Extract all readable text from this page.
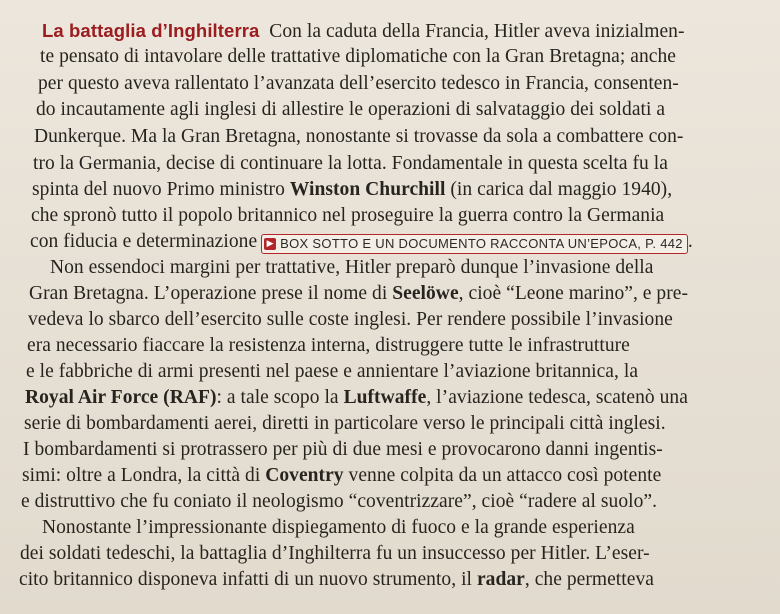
La battaglia d’Inghilterra  Con la caduta della Francia, Hitler aveva inizialmen-
te pensato di intavolare delle trattative diplomatiche con la Gran Bretagna; anche
per questo aveva rallentato l’avanzata dell’esercito tedesco in Francia, consenten-
do incautamente agli inglesi di allestire le operazioni di salvataggio dei soldati a
Dunkerque. Ma la Gran Bretagna, nonostante si trovasse da sola a combattere con-
tro la Germania, decise di continuare la lotta. Fondamentale in questa scelta fu la
spinta del nuovo Primo ministro Winston Churchill (in carica dal maggio 1940),
che spronò tutto il popolo britannico nel proseguire la guerra contro la Germania
con fiducia e determinazione ▶ BOX SOTTO E UN DOCUMENTO RACCONTA UN’EPOCA, P. 442 .
Non essendoci margini per trattative, Hitler preparò dunque l’invasione della
Gran Bretagna. L’operazione prese il nome di Seelöwe, cioè “Leone marino”, e pre-
vedeva lo sbarco dell’esercito sulle coste inglesi. Per rendere possibile l’invasione
era necessario fiaccare la resistenza interna, distruggere tutte le infrastrutture
e le fabbriche di armi presenti nel paese e annientare l’aviazione britannica, la
Royal Air Force (RAF): a tale scopo la Luftwaffe, l’aviazione tedesca, scatenò una
serie di bombardamenti aerei, diretti in particolare verso le principali città inglesi.
I bombardamenti si protrassero per più di due mesi e provocarono danni ingentis-
simi: oltre a Londra, la città di Coventry venne colpita da un attacco così potente
e distruttivo che fu coniato il neologismo “coventrizzare”, cioè “radere al suolo”.
Nonostante l’impressionante dispiegamento di fuoco e la grande esperienza
dei soldati tedeschi, la battaglia d’Inghilterra fu un insuccesso per Hitler. L’eser-
cito britannico disponeva infatti di un nuovo strumento, il radar, che permetteva
